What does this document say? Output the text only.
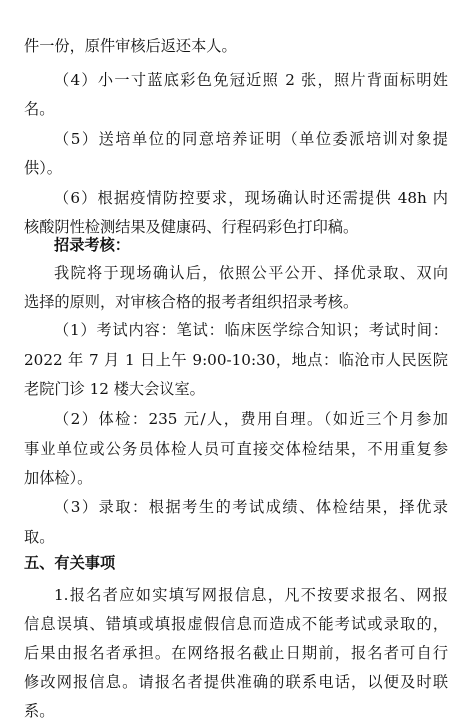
件一份，原件审核后返还本人。
（4）小一寸蓝底彩色免冠近照 2 张，照片背面标明姓
名。
（5）送培单位的同意培养证明（单位委派培训对象提
供）。
（6）根据疫情防控要求，现场确认时还需提供 48h 内
核酸阴性检测结果及健康码、行程码彩色打印稿。
招录考核：
我院将于现场确认后，依照公平公开、择优录取、双向
选择的原则，对审核合格的报考者组织招录考核。
（1）考试内容：笔试：临床医学综合知识；考试时间：
2022 年 7 月 1 日上午 9:00-10:30，地点：临沧市人民医院
老院门诊 12 楼大会议室。
（2）体检：235 元/人，费用自理。（如近三个月参加
事业单位或公务员体检人员可直接交体检结果，不用重复参
加体检）。
（3）录取：根据考生的考试成绩、体检结果，择优录
取。
五、有关事项
1.报名者应如实填写网报信息，凡不按要求报名、网报
信息误填、错填或填报虚假信息而造成不能考试或录取的，
后果由报名者承担。在网络报名截止日期前，报名者可自行
修改网报信息。请报名者提供准确的联系电话，以便及时联
系。
